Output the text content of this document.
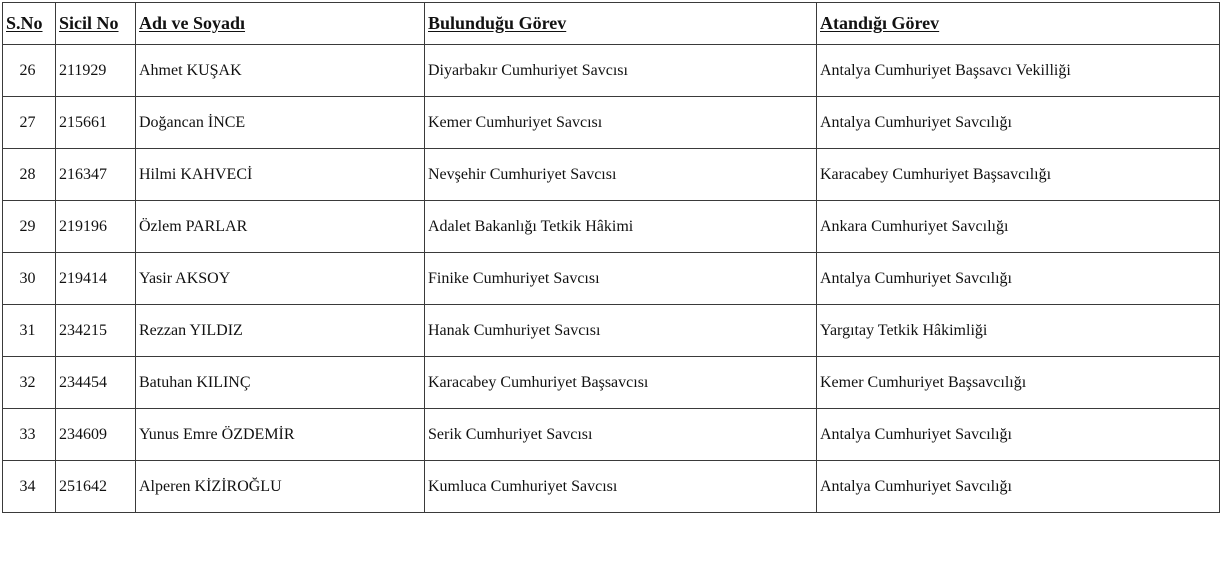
S.No	Sicil No	Adı ve Soyadı	Bulunduğu Görev	Atandığı Görev
26	211929	Ahmet KUŞAK	Diyarbakır Cumhuriyet Savcısı	Antalya Cumhuriyet Başsavcı Vekilliği
27	215661	Doğancan İNCE	Kemer Cumhuriyet Savcısı	Antalya Cumhuriyet Savcılığı
28	216347	Hilmi KAHVECİ	Nevşehir Cumhuriyet Savcısı	Karacabey Cumhuriyet Başsavcılığı
29	219196	Özlem PARLAR	Adalet Bakanlığı Tetkik Hâkimi	Ankara Cumhuriyet Savcılığı
30	219414	Yasir AKSOY	Finike Cumhuriyet Savcısı	Antalya Cumhuriyet Savcılığı
31	234215	Rezzan YILDIZ	Hanak Cumhuriyet Savcısı	Yargıtay Tetkik Hâkimliği
32	234454	Batuhan KILINÇ	Karacabey Cumhuriyet Başsavcısı	Kemer Cumhuriyet Başsavcılığı
33	234609	Yunus Emre ÖZDEMİR	Serik Cumhuriyet Savcısı	Antalya Cumhuriyet Savcılığı
34	251642	Alperen KİZİROĞLU	Kumluca Cumhuriyet Savcısı	Antalya Cumhuriyet Savcılığı
